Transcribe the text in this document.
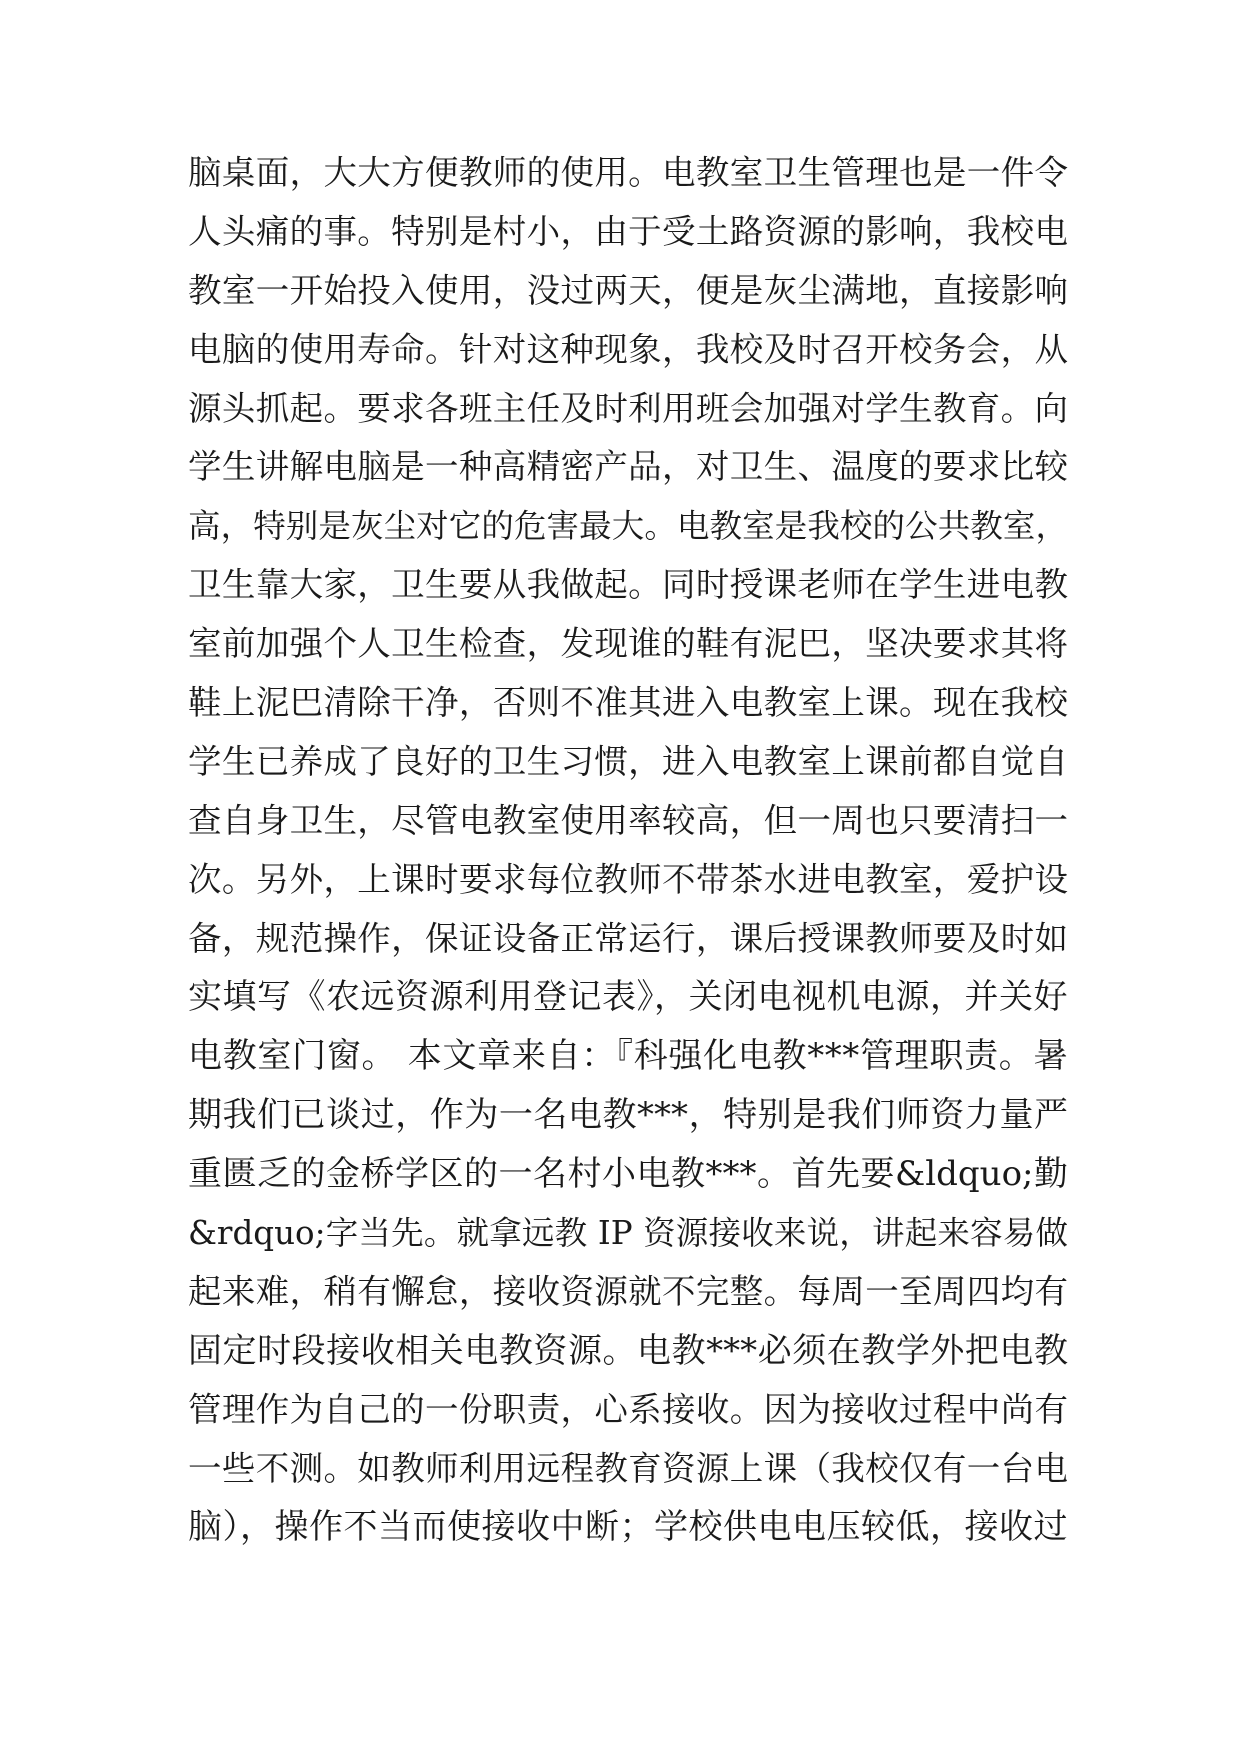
脑桌面，大大方便教师的使用。电教室卫生管理也是一件令
人头痛的事。特别是村小，由于受土路资源的影响，我校电
教室一开始投入使用，没过两天，便是灰尘满地，直接影响
电脑的使用寿命。针对这种现象，我校及时召开校务会，从
源头抓起。要求各班主任及时利用班会加强对学生教育。向
学生讲解电脑是一种高精密产品，对卫生、温度的要求比较
高，特别是灰尘对它的危害最大。电教室是我校的公共教室，
卫生靠大家，卫生要从我做起。同时授课老师在学生进电教
室前加强个人卫生检查，发现谁的鞋有泥巴，坚决要求其将
鞋上泥巴清除干净，否则不准其进入电教室上课。现在我校
学生已养成了良好的卫生习惯，进入电教室上课前都自觉自
查自身卫生，尽管电教室使用率较高，但一周也只要清扫一
次。另外，上课时要求每位教师不带茶水进电教室，爱护设
备，规范操作，保证设备正常运行，课后授课教师要及时如
实填写《农远资源利用登记表》，关闭电视机电源，并关好
电教室门窗。 本文章来自：『科强化电教***管理职责。暑
期我们已谈过，作为一名电教***，特别是我们师资力量严
重匮乏的金桥学区的一名村小电教***。首先要&ldquo;勤
&rdquo;字当先。就拿远教 IP 资源接收来说，讲起来容易做
起来难，稍有懈怠，接收资源就不完整。每周一至周四均有
固定时段接收相关电教资源。电教***必须在教学外把电教
管理作为自己的一份职责，心系接收。因为接收过程中尚有
一些不测。如教师利用远程教育资源上课（我校仅有一台电
脑），操作不当而使接收中断；学校供电电压较低，接收过
